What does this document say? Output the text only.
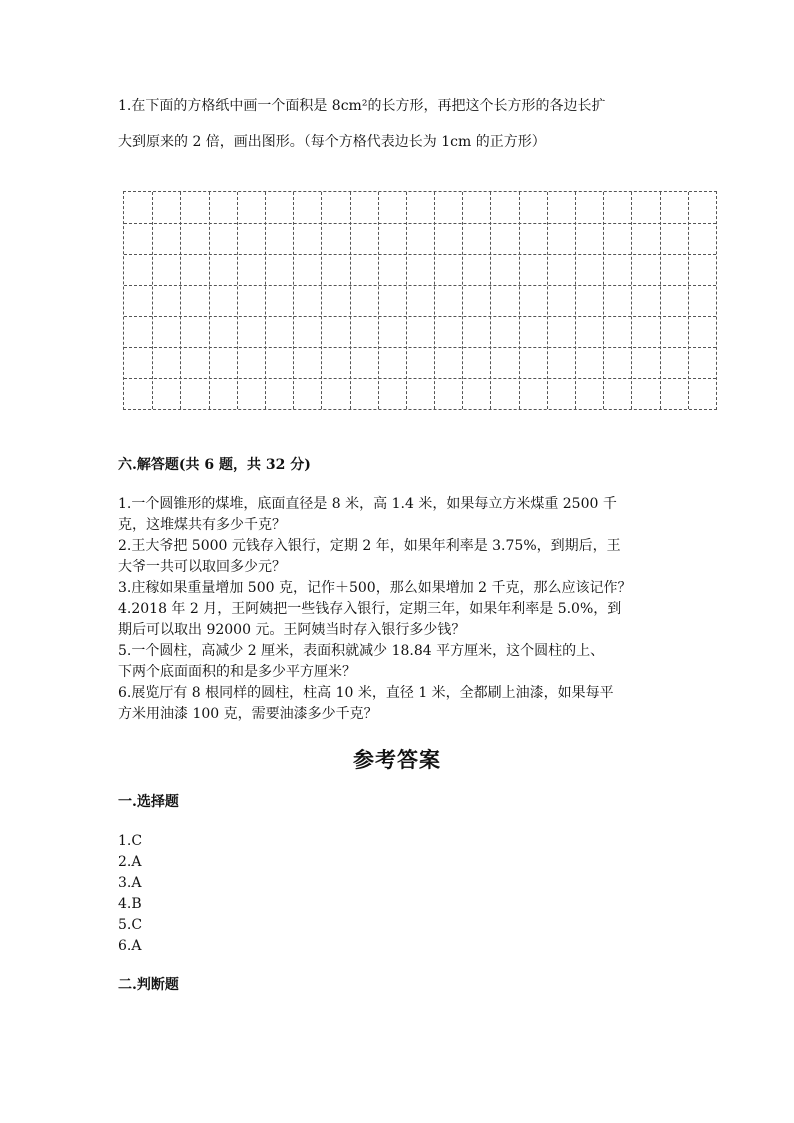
1.在下面的方格纸中画一个面积是 8cm²的长方形，再把这个长方形的各边长扩
大到原来的 2 倍，画出图形。（每个方格代表边长为 1cm 的正方形）
六.解答题(共 6 题，共 32 分)
1.一个圆锥形的煤堆，底面直径是 8 米，高 1.4 米，如果每立方米煤重 2500 千
克，这堆煤共有多少千克？
2.王大爷把 5000 元钱存入银行，定期 2 年，如果年利率是 3.75%，到期后，王
大爷一共可以取回多少元？
3.庄稼如果重量增加 500 克，记作＋500，那么如果增加 2 千克，那么应该记作？
4.2018 年 2 月，王阿姨把一些钱存入银行，定期三年，如果年利率是 5.0%，到
期后可以取出 92000 元。王阿姨当时存入银行多少钱？
5.一个圆柱，高减少 2 厘米，表面积就减少 18.84 平方厘米，这个圆柱的上、
下两个底面面积的和是多少平方厘米？
6.展览厅有 8 根同样的圆柱，柱高 10 米，直径 1 米，全都刷上油漆，如果每平
方米用油漆 100 克，需要油漆多少千克？
参考答案
一.选择题
1.C
2.A
3.A
4.B
5.C
6.A
二.判断题
